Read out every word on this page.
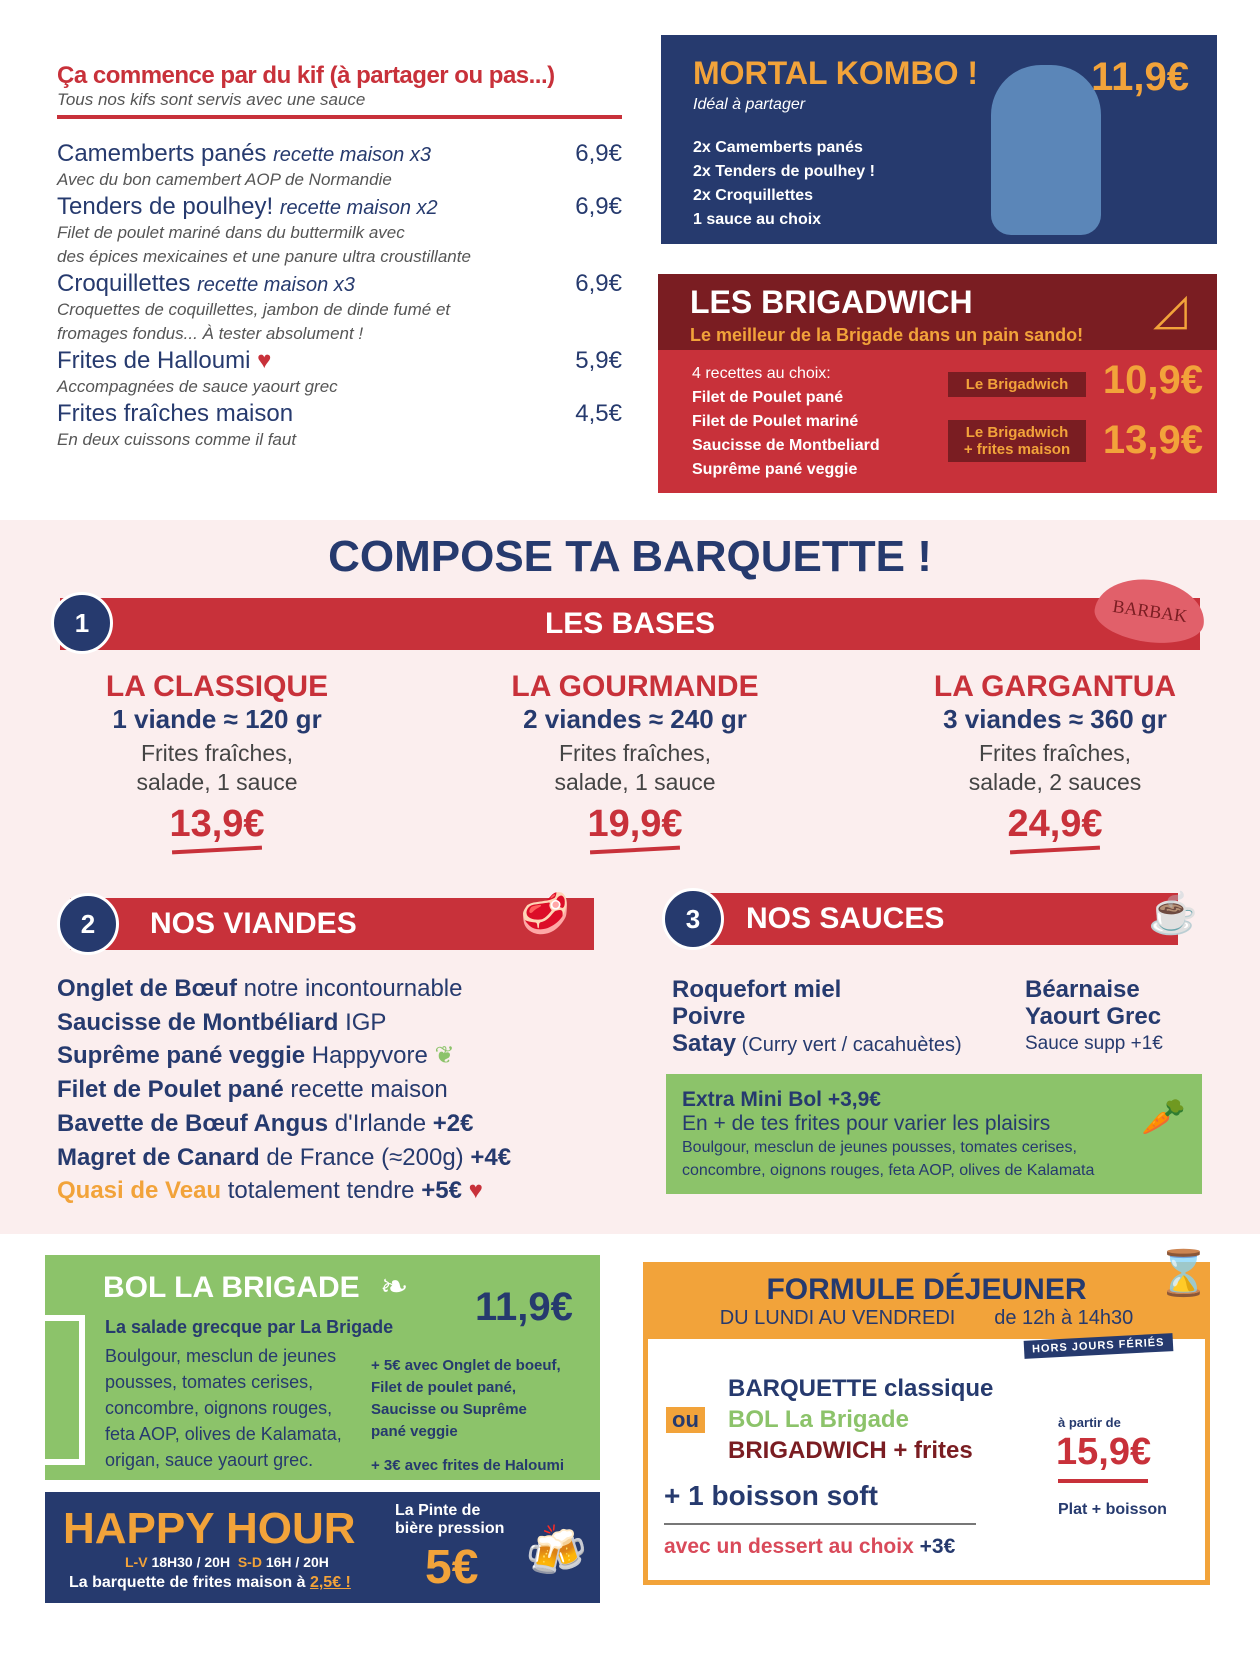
Ça commence par du kif (à partager ou pas...)
Tous nos kifs sont servis avec une sauce
Camemberts panés recette maison x3	6,9€
Avec du bon camembert AOP de Normandie
Tenders de poulhey! recette maison x2	6,9€
Filet de poulet mariné dans du buttermilk avec
des épices mexicaines et une panure ultra croustillante
Croquillettes recette maison x3	6,9€
Croquettes de coquillettes, jambon de dinde fumé et
fromages fondus... À tester absolument !
Frites de Halloumi ♥	5,9€
Accompagnées de sauce yaourt grec
Frites fraîches maison	4,5€
En deux cuissons comme il faut
MORTAL KOMBO !
Idéal à partager
2x Camemberts panés
2x Tenders de poulhey !
2x Croquillettes
1 sauce au choix
11,9€
LES BRIGADWICH
Le meilleur de la Brigade dans un pain sando!
◿
4 recettes au choix:
Filet de Poulet pané
Filet de Poulet mariné
Saucisse de Montbeliard
Suprême pané veggie
Le Brigadwich 10,9€
Le Brigadwich
+ frites maison 13,9€
COMPOSE TA BARQUETTE !
LES BASES
1	BARBAK
LA CLASSIQUE
1 viande ≈ 120 gr
Frites fraîches,
salade, 1 sauce
13,9€
LA GOURMANDE
2 viandes ≈ 240 gr
Frites fraîches,
salade, 1 sauce
19,9€
LA GARGANTUA
3 viandes ≈ 360 gr
Frites fraîches,
salade, 2 sauces
24,9€
NOS VIANDES
2	🥩
Onglet de Bœuf notre incontournable
Saucisse de Montbéliard IGP
Suprême pané veggie Happyvore ❦
Filet de Poulet pané recette maison
Bavette de Bœuf Angus d'Irlande +2€
Magret de Canard de France (≈200g) +4€
Quasi de Veau totalement tendre +5€ ♥
NOS SAUCES
3	☕
Roquefort miel
Poivre
Satay (Curry vert / cacahuètes)
Béarnaise
Yaourt Grec
Sauce supp +1€
Extra Mini Bol +3,9€
En + de tes frites pour varier les plaisirs
Boulgour, mesclun de jeunes pousses, tomates cerises,
concombre, oignons rouges, feta AOP, olives de Kalamata
🥕
BOL LA BRIGADE ❧ 11,9€
La salade grecque par La Brigade
Boulgour, mesclun de jeunes
pousses, tomates cerises,
concombre, oignons rouges,
feta AOP, olives de Kalamata,
origan, sauce yaourt grec.
+ 5€ avec Onglet de boeuf,
Filet de poulet pané,
Saucisse ou Suprême
pané veggie
+ 3€ avec frites de Haloumi
HAPPY HOUR
L-V 18H30 / 20H S-D 16H / 20H
La barquette de frites maison à 2,5€ !
La Pinte de
bière pression
5€ 🍻
FORMULE DÉJEUNER
DU LUNDI AU VENDREDI de 12h à 14h30
HORS JOURS FÉRIÉS
⌛
BARQUETTE classique
BOL La Brigade
BRIGADWICH + frites
ou
+ 1 boisson soft
avec un dessert au choix +3€
à partir de
15,9€
Plat + boisson
